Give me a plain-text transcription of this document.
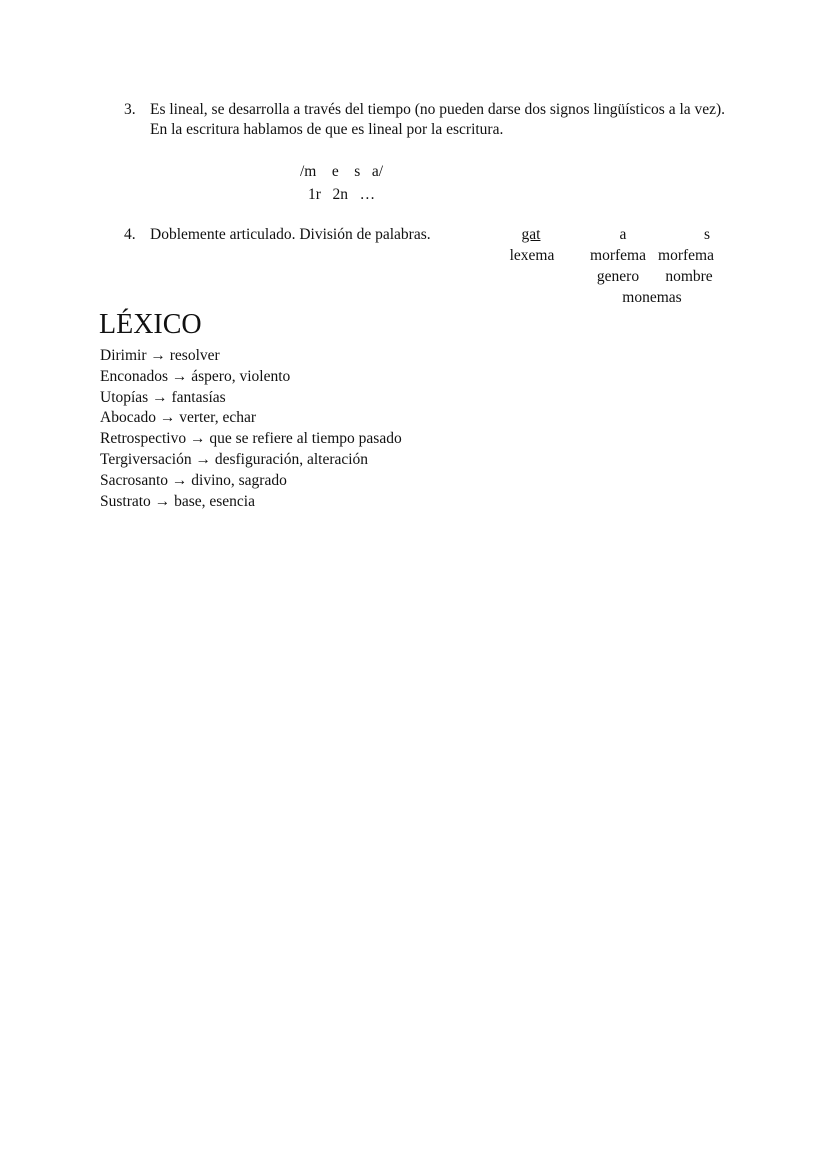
3. Es lineal, se desarrolla a través del tiempo (no pueden darse dos signos lingüísticos a la vez). En la escritura hablamos de que es lineal por la escritura.
/m    e    s   a/
1r   2n   …
4. Doblemente articulado. División de palabras.	gat	a	s
lexema	morfema morfema
genero	nombre
monemas
LÉXICO
Dirimir → resolver
Enconados → áspero, violento
Utopías → fantasías
Abocado → verter, echar
Retrospectivo → que se refiere al tiempo pasado
Tergiversación → desfiguración, alteración
Sacrosanto → divino, sagrado
Sustrato → base, esencia
